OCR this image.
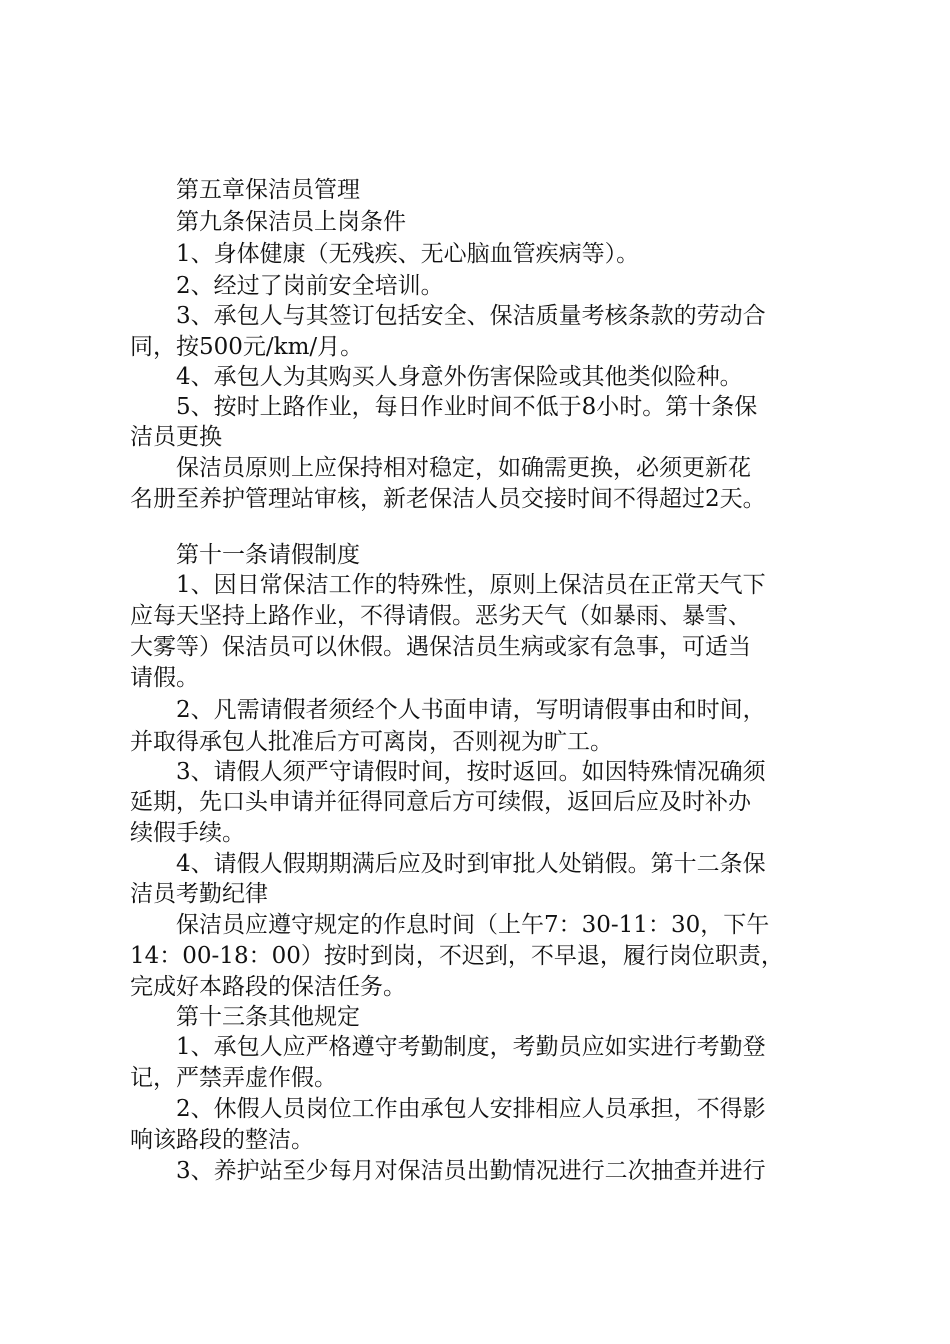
　　第五章保洁员管理
　　第九条保洁员上岗条件
　　1、身体健康（无残疾、无心脑血管疾病等）。
　　2、经过了岗前安全培训。
　　3、承包人与其签订包括安全、保洁质量考核条款的劳动合
同，按500元/km/月。
　　4、承包人为其购买人身意外伤害保险或其他类似险种。
　　5、按时上路作业，每日作业时间不低于8小时。第十条保
洁员更换
　　保洁员原则上应保持相对稳定，如确需更换，必须更新花
名册至养护管理站审核，新老保洁人员交接时间不得超过2天。
　　第十一条请假制度
　　1、因日常保洁工作的特殊性，原则上保洁员在正常天气下
应每天坚持上路作业，不得请假。恶劣天气（如暴雨、暴雪、
大雾等）保洁员可以休假。遇保洁员生病或家有急事，可适当
请假。
　　2、凡需请假者须经个人书面申请，写明请假事由和时间，
并取得承包人批准后方可离岗，否则视为旷工。
　　3、请假人须严守请假时间，按时返回。如因特殊情况确须
延期，先口头申请并征得同意后方可续假，返回后应及时补办
续假手续。
　　4、请假人假期期满后应及时到审批人处销假。第十二条保
洁员考勤纪律
　　保洁员应遵守规定的作息时间（上午7：30-11：30，下午
14：00-18：00）按时到岗，不迟到，不早退，履行岗位职责，
完成好本路段的保洁任务。
　　第十三条其他规定
　　1、承包人应严格遵守考勤制度，考勤员应如实进行考勤登
记，严禁弄虚作假。
　　2、休假人员岗位工作由承包人安排相应人员承担，不得影
响该路段的整洁。
　　3、养护站至少每月对保洁员出勤情况进行二次抽查并进行
